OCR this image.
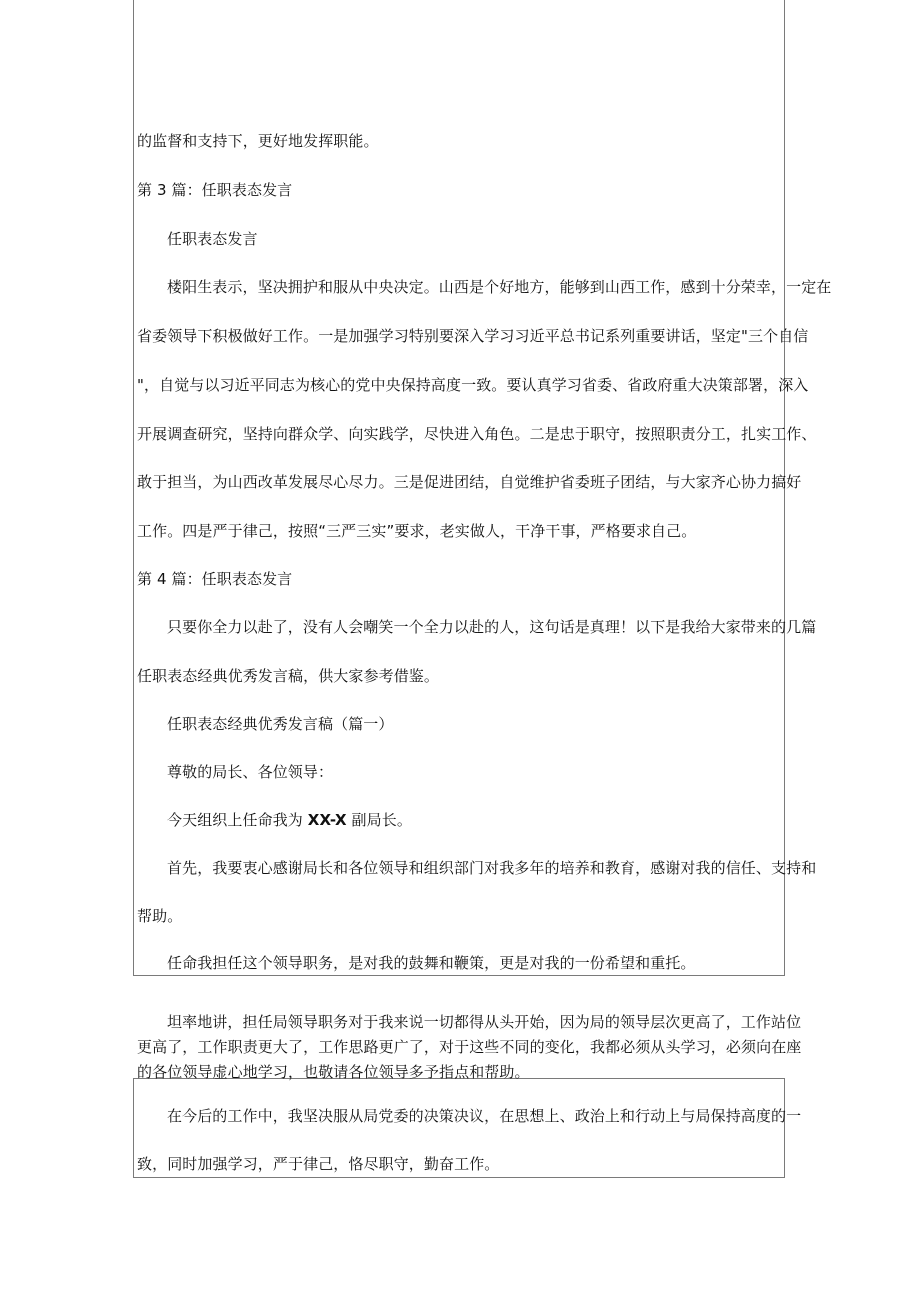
的监督和支持下，更好地发挥职能。
第 3 篇：任职表态发言
任职表态发言
楼阳生表示，坚决拥护和服从中央决定。山西是个好地方，能够到山西工作，感到十分荣幸，一定在
省委领导下积极做好工作。一是加强学习特别要深入学习习近平总书记系列重要讲话，坚定"三个自信
"，自觉与以习近平同志为核心的党中央保持高度一致。要认真学习省委、省政府重大决策部署，深入
开展调查研究，坚持向群众学、向实践学，尽快进入角色。二是忠于职守，按照职责分工，扎实工作、
敢于担当，为山西改革发展尽心尽力。三是促进团结，自觉维护省委班子团结，与大家齐心协力搞好
工作。四是严于律己，按照“三严三实”要求，老实做人，干净干事，严格要求自己。
第 4 篇：任职表态发言
只要你全力以赴了，没有人会嘲笑一个全力以赴的人，这句话是真理！以下是我给大家带来的几篇
任职表态经典优秀发言稿，供大家参考借鉴。
任职表态经典优秀发言稿（篇一）
尊敬的局长、各位领导：
今天组织上任命我为 XX-X 副局长。
首先，我要衷心感谢局长和各位领导和组织部门对我多年的培养和教育，感谢对我的信任、支持和
帮助。
任命我担任这个领导职务，是对我的鼓舞和鞭策，更是对我的一份希望和重托。
坦率地讲，担任局领导职务对于我来说一切都得从头开始，因为局的领导层次更高了，工作站位
更高了，工作职责更大了，工作思路更广了，对于这些不同的变化，我都必须从头学习，必须向在座
的各位领导虚心地学习，也敬请各位领导多予指点和帮助。
在今后的工作中，我坚决服从局党委的决策决议，在思想上、政治上和行动上与局保持高度的一
致，同时加强学习，严于律己，恪尽职守，勤奋工作。
